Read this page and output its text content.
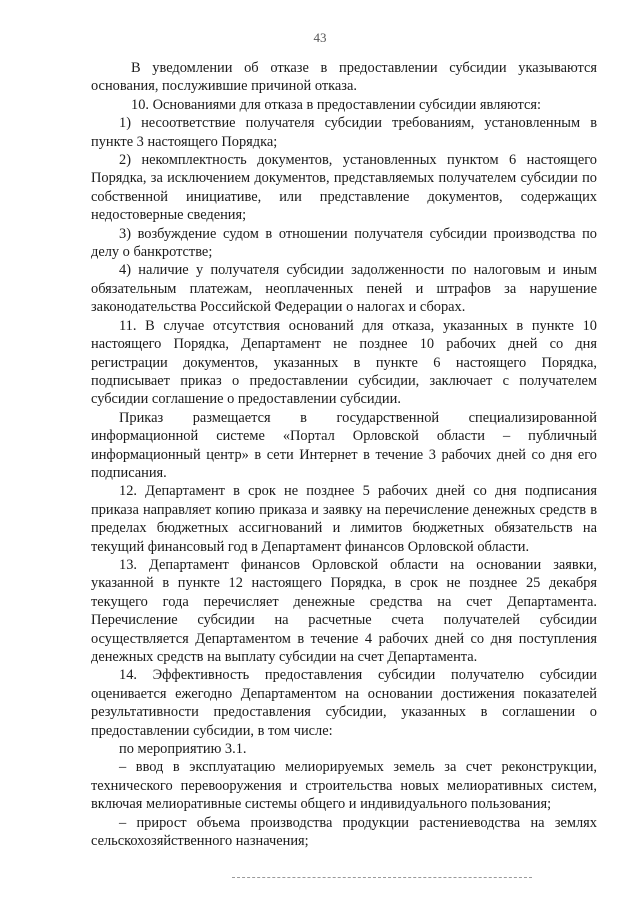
43

В уведомлении об отказе в предоставлении субсидии указываются основания, послужившие причиной отказа.

10. Основаниями для отказа в предоставлении субсидии являются:

1) несоответствие получателя субсидии требованиям, установленным в пункте 3 настоящего Порядка;

2) некомплектность документов, установленных пунктом 6 настоящего Порядка, за исключением документов, представляемых получателем субсидии по собственной инициативе, или представление документов, содержащих недостоверные сведения;

3) возбуждение судом в отношении получателя субсидии производства по делу о банкротстве;

4) наличие у получателя субсидии задолженности по налоговым и иным обязательным платежам, неоплаченных пеней и штрафов за нарушение законодательства Российской Федерации о налогах и сборах.

11. В случае отсутствия оснований для отказа, указанных в пункте 10 настоящего Порядка, Департамент не позднее 10 рабочих дней со дня регистрации документов, указанных в пункте 6 настоящего Порядка, подписывает приказ о предоставлении субсидии, заключает с получателем субсидии соглашение о предоставлении субсидии.

Приказ размещается в государственной специализированной информационной системе «Портал Орловской области – публичный информационный центр» в сети Интернет в течение 3 рабочих дней со дня его подписания.

12. Департамент в срок не позднее 5 рабочих дней со дня подписания приказа направляет копию приказа и заявку на перечисление денежных средств в пределах бюджетных ассигнований и лимитов бюджетных обязательств на текущий финансовый год в Департамент финансов Орловской области.

13. Департамент финансов Орловской области на основании заявки, указанной в пункте 12 настоящего Порядка, в срок не позднее 25 декабря текущего года перечисляет денежные средства на счет Департамента. Перечисление субсидии на расчетные счета получателей субсидии осуществляется Департаментом в течение 4 рабочих дней со дня поступления денежных средств на выплату субсидии на счет Департамента.

14. Эффективность предоставления субсидии получателю субсидии оценивается ежегодно Департаментом на основании достижения показателей результативности предоставления субсидии, указанных в соглашении о предоставлении субсидии, в том числе:

по мероприятию 3.1.

– ввод в эксплуатацию мелиорируемых земель за счет реконструкции, технического перевооружения и строительства новых мелиоративных систем, включая мелиоративные системы общего и индивидуального пользования;

– прирост объема производства продукции растениеводства на землях сельскохозяйственного назначения;
